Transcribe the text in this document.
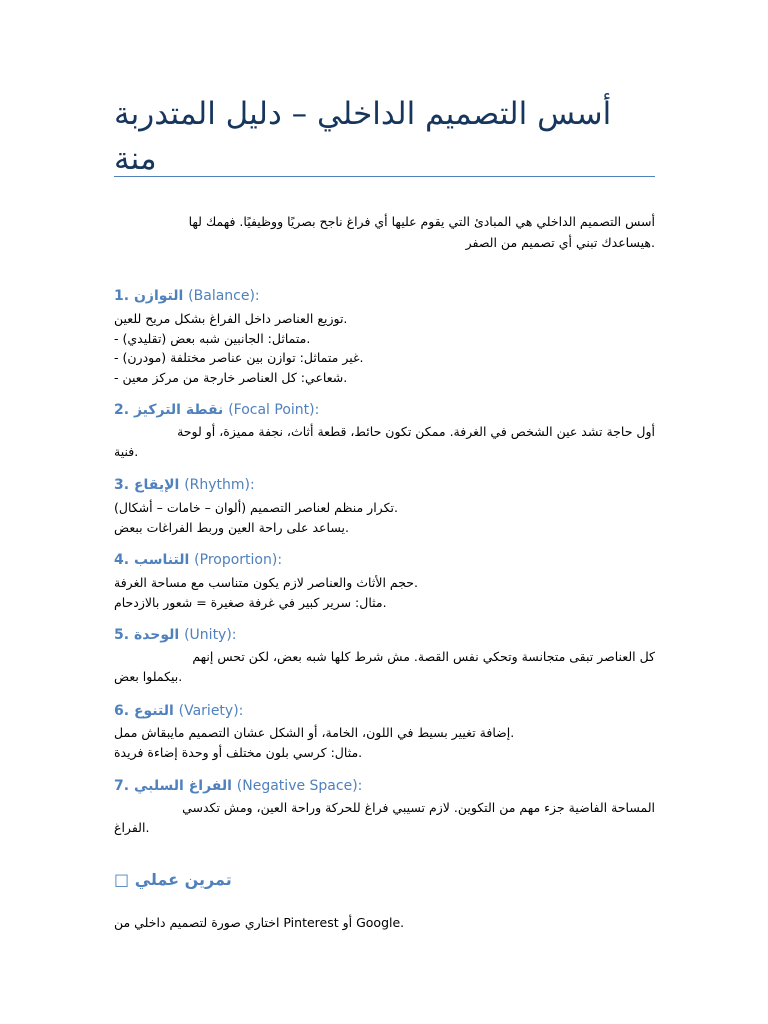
أسس التصميم الداخلي – دليل المتدربة منة
أسس التصميم الداخلي هي المبادئ التي يقوم عليها أي فراغ ناجح بصريًا ووظيفيًا. فهمك لها
هيساعدك تبني أي تصميم من الصفر.
1. التوازن (Balance):
توزيع العناصر داخل الفراغ بشكل مريح للعين.
- متماثل: الجانبين شبه بعض (تقليدي).
- غير متماثل: توازن بين عناصر مختلفة (مودرن).
- شعاعي: كل العناصر خارجة من مركز معين.
2. نقطة التركيز (Focal Point):
أول حاجة تشد عين الشخص في الغرفة. ممكن تكون حائط، قطعة أثاث، نجفة مميزة، أو لوحة
فنية.
3. الإيقاع (Rhythm):
تكرار منظم لعناصر التصميم (ألوان – خامات – أشكال).
يساعد على راحة العين وربط الفراغات ببعض.
4. التناسب (Proportion):
حجم الأثاث والعناصر لازم يكون متناسب مع مساحة الغرفة.
مثال: سرير كبير في غرفة صغيرة = شعور بالازدحام.
5. الوحدة (Unity):
كل العناصر تبقى متجانسة وتحكي نفس القصة. مش شرط كلها شبه بعض، لكن تحس إنهم
بيكملوا بعض.
6. التنوع (Variety):
إضافة تغيير بسيط في اللون، الخامة، أو الشكل عشان التصميم مايبقاش ممل.
مثال: كرسي بلون مختلف أو وحدة إضاءة فريدة.
7. الفراغ السلبي (Negative Space):
المساحة الفاضية جزء مهم من التكوين. لازم تسيبي فراغ للحركة وراحة العين، ومش تكدسي
الفراغ.
□ تمرين عملي

اختاري صورة لتصميم داخلي من Pinterest أو Google.
